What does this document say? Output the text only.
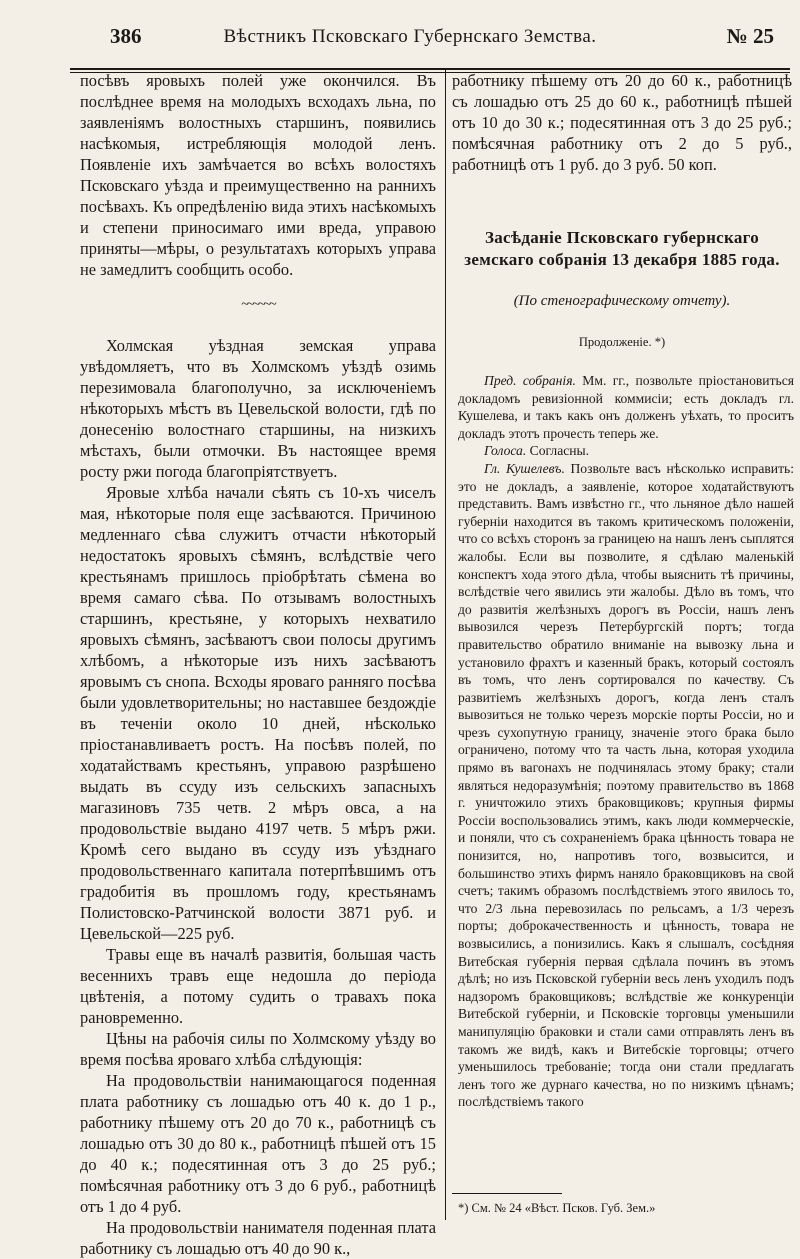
386	Вѣстникъ Псковскаго Губернскаго Земства.	№ 25

посѣвъ яровыхъ полей уже окончился. Въ послѣднее время на молодыхъ всходахъ льна, по заявленіямъ волостныхъ старшинъ, появились насѣкомыя, истребляющія молодой ленъ. Появленіе ихъ замѣчается во всѣхъ волостяхъ Псковскаго уѣзда и преимущественно на раннихъ посѣвахъ. Къ опредѣленію вида этихъ насѣкомыхъ и степени приносимаго ими вреда, управою приняты—мѣры, о результатахъ которыхъ управа не замедлитъ сообщить особо.

~~~~~~

Холмская уѣздная земская управа увѣдомляетъ, что въ Холмскомъ уѣздѣ озимь перезимовала благополучно, за исключеніемъ нѣкоторыхъ мѣстъ въ Цевельской волости, гдѣ по донесенію волостнаго старшины, на низкихъ мѣстахъ, были отмочки. Въ настоящее время росту ржи погода благопріятствуетъ.

Яровые хлѣба начали сѣять съ 10-хъ чиселъ мая, нѣкоторые поля еще засѣваются. Причиною медленнаго сѣва служитъ отчасти нѣкоторый недостатокъ яровыхъ сѣмянъ, вслѣдствіе чего крестьянамъ пришлось пріобрѣтать сѣмена во время самаго сѣва. По отзывамъ волостныхъ старшинъ, крестьяне, у которыхъ нехватило яровыхъ сѣмянъ, засѣваютъ свои полосы другимъ хлѣбомъ, а нѣкоторые изъ нихъ засѣваютъ яровымъ съ снопа. Всходы яроваго ранняго посѣва были удовлетворительны; но наставшее бездождіе въ теченіи около 10 дней, нѣсколько пріостанавливаетъ ростъ. На посѣвъ полей, по ходатайствамъ крестьянъ, управою разрѣшено выдать въ ссуду изъ сельскихъ запасныхъ магазиновъ 735 четв. 2 мѣръ овса, а на продовольствіе выдано 4197 четв. 5 мѣръ ржи. Кромѣ сего выдано въ ссуду изъ уѣзднаго продовольственнаго капитала потерпѣвшимъ отъ градобитія въ прошломъ году, крестьянамъ Полистовско-Ратчинской волости 3871 руб. и Цевельской—225 руб.

Травы еще въ началѣ развитія, большая часть весеннихъ травъ еще недошла до періода цвѣтенія, а потому судить о травахъ пока рановременно.

Цѣны на рабочія силы по Холмскому уѣзду во время посѣва яроваго хлѣба слѣдующія:

На продовольствіи нанимающагося поденная плата работнику съ лошадью отъ 40 к. до 1 р., работнику пѣшему отъ 20 до 70 к., работницѣ съ лошадью отъ 30 до 80 к., работницѣ пѣшей отъ 15 до 40 к.; подесятинная отъ 3 до 25 руб.; помѣсячная работнику отъ 3 до 6 руб., работницѣ отъ 1 до 4 руб.

На продовольствіи нанимателя поденная плата работнику съ лошадью отъ 40 до 90 к.,

работнику пѣшему отъ 20 до 60 к., работницѣ съ лошадью отъ 25 до 60 к., работницѣ пѣшей отъ 10 до 30 к.; подесятинная отъ 3 до 25 руб.; помѣсячная работнику отъ 2 до 5 руб., работницѣ отъ 1 руб. до 3 руб. 50 коп.

Засѣданіе Псковскаго губернскаго земскаго собранія 13 декабря 1885 года.
(По стенографическому отчету).
Продолженіе. *)

Пред. собранія. Мм. гг., позвольте пріостановиться докладомъ ревизіонной коммисіи; есть докладъ гл. Кушелева, и такъ какъ онъ долженъ уѣхать, то проситъ докладъ этотъ прочесть теперь же.

Голоса. Согласны.

Гл. Кушелевъ. Позвольте васъ нѣсколько исправить: это не докладъ, а заявленіе, которое ходатайствуютъ представить. Вамъ извѣстно гг., что льняное дѣло нашей губерніи находится въ такомъ критическомъ положеніи, что со всѣхъ сторонъ за границею на нашъ ленъ сыплятся жалобы. Если вы позволите, я сдѣлаю маленькій конспектъ хода этого дѣла, чтобы выяснить тѣ причины, вслѣдствіе чего явились эти жалобы. Дѣло въ томъ, что до развитія желѣзныхъ дорогъ въ Россіи, нашъ ленъ вывозился черезъ Петербургскій портъ; тогда правительство обратило вниманіе на вывозку льна и установило фрахтъ и казенный бракъ, который состоялъ въ томъ, что ленъ сортировался по качеству. Съ развитіемъ желѣзныхъ дорогъ, когда ленъ сталъ вывозиться не только черезъ морскіе порты Россіи, но и чрезъ сухопутную границу, значеніе этого брака было ограничено, потому что та часть льна, которая уходила прямо въ вагонахъ не подчинялась этому браку; стали являться недоразумѣнія; поэтому правительство въ 1868 г. уничтожило этихъ браковщиковъ; крупныя фирмы Россіи воспользовались этимъ, какъ люди коммерческіе, и поняли, что съ сохраненіемъ брака цѣнность товара не понизится, но, напротивъ того, возвысится, и большинство этихъ фирмъ наняло браковщиковъ на свой счетъ; такимъ образомъ послѣдствіемъ этого явилось то, что 2/3 льна перевозилась по рельсамъ, а 1/3 черезъ порты; доброкачественность и цѣнность, товара не возвысились, а понизились. Какъ я слышалъ, сосѣдняя Витебская губернія первая сдѣлала починъ въ этомъ дѣлѣ; но изъ Псковской губерніи весь ленъ уходилъ подъ надзоромъ браковщиковъ; вслѣдствіе же конкуренціи Витебской губерніи, и Псковскіе торговцы уменьшили манипуляцію браковки и стали сами отправлять ленъ въ такомъ же видѣ, какъ и Витебскіе торговцы; отчего уменьшилось требованіе; тогда они стали предлагать ленъ того же дурнаго качества, но по низкимъ цѣнамъ; послѣдствіемъ такого

*) См. № 24 «Вѣст. Псков. Губ. Зем.»
